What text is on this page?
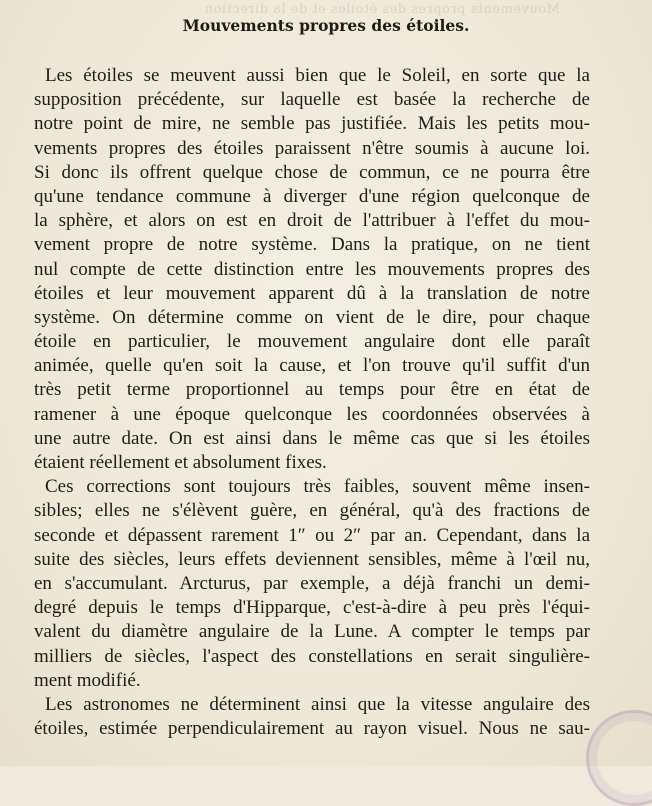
Mouvements propres des étoiles et de la direction
Mouvements propres des étoiles.
Les étoiles se meuvent aussi bien que le Soleil, en sorte que la
supposition précédente, sur laquelle est basée la recherche de
notre point de mire, ne semble pas justifiée. Mais les petits mou-
vements propres des étoiles paraissent n'être soumis à aucune loi.
Si donc ils offrent quelque chose de commun, ce ne pourra être
qu'une tendance commune à diverger d'une région quelconque de
la sphère, et alors on est en droit de l'attribuer à l'effet du mou-
vement propre de notre système. Dans la pratique, on ne tient
nul compte de cette distinction entre les mouvements propres des
étoiles et leur mouvement apparent dû à la translation de notre
système. On détermine comme on vient de le dire, pour chaque
étoile en particulier, le mouvement angulaire dont elle paraît
animée, quelle qu'en soit la cause, et l'on trouve qu'il suffit d'un
très petit terme proportionnel au temps pour être en état de
ramener à une époque quelconque les coordonnées observées à
une autre date. On est ainsi dans le même cas que si les étoiles
étaient réellement et absolument fixes.
Ces corrections sont toujours très faibles, souvent même insen-
sibles; elles ne s'élèvent guère, en général, qu'à des fractions de
seconde et dépassent rarement 1″ ou 2″ par an. Cependant, dans la
suite des siècles, leurs effets deviennent sensibles, même à l'œil nu,
en s'accumulant. Arcturus, par exemple, a déjà franchi un demi-
degré depuis le temps d'Hipparque, c'est-à-dire à peu près l'équi-
valent du diamètre angulaire de la Lune. A compter le temps par
milliers de siècles, l'aspect des constellations en serait singulière-
ment modifié.
Les astronomes ne déterminent ainsi que la vitesse angulaire des
étoiles, estimée perpendiculairement au rayon visuel. Nous ne sau-
